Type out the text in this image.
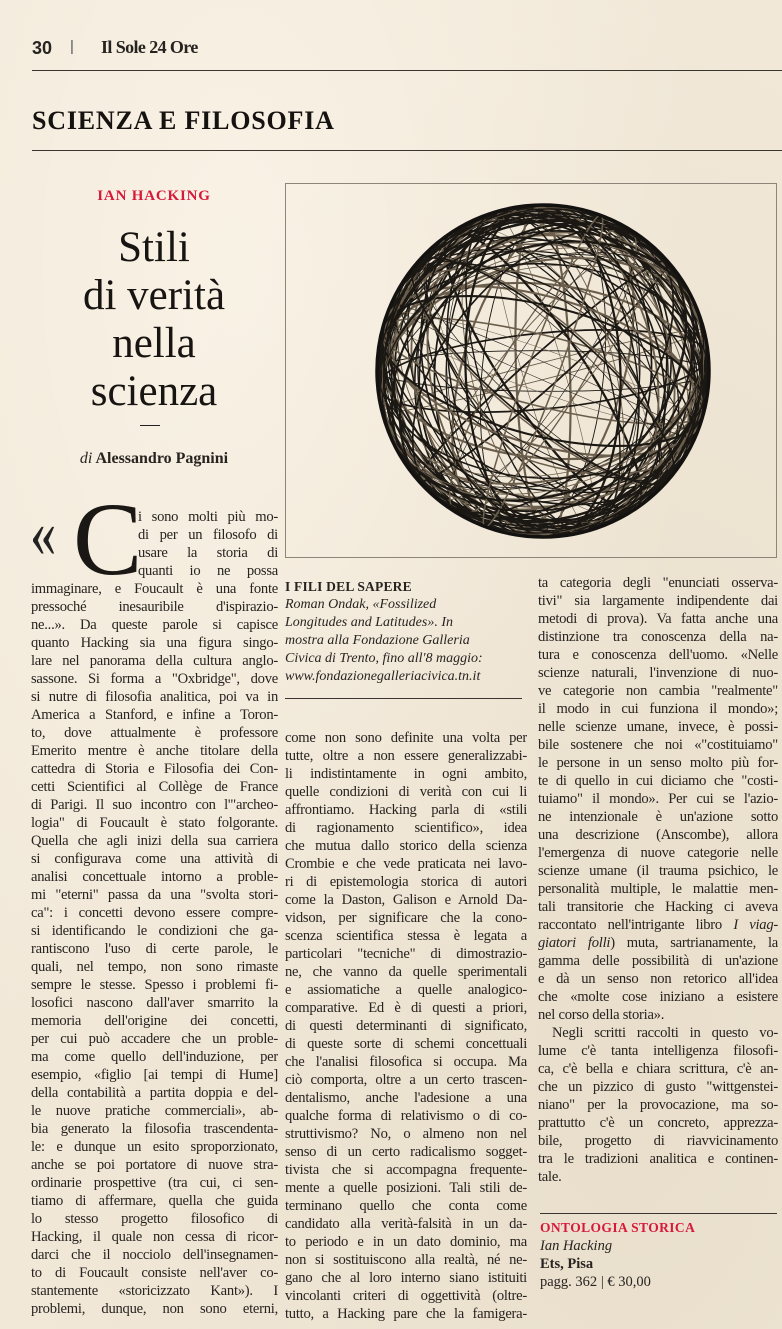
30 | Il Sole 24 Ore
SCIENZA E FILOSOFIA
IAN HACKING
Stili
di verità
nella
scienza
di Alessandro Pagnini
« C
i sono molti più mo-
di per un filosofo di
usare la storia di
quanti io ne possa
immaginare, e Foucault è una fonte
pressoché inesauribile d'ispirazio-
ne...». Da queste parole si capisce
quanto Hacking sia una figura singo-
lare nel panorama della cultura anglo-
sassone. Si forma a "Oxbridge", dove
si nutre di filosofia analitica, poi va in
America a Stanford, e infine a Toron-
to, dove attualmente è professore
Emerito mentre è anche titolare della
cattedra di Storia e Filosofia dei Con-
cetti Scientifici al Collège de France
di Parigi. Il suo incontro con l'"archeo-
logia" di Foucault è stato folgorante.
Quella che agli inizi della sua carriera
si configurava come una attività di
analisi concettuale intorno a proble-
mi "eterni" passa da una "svolta stori-
ca": i concetti devono essere compre-
si identificando le condizioni che ga-
rantiscono l'uso di certe parole, le
quali, nel tempo, non sono rimaste
sempre le stesse. Spesso i problemi fi-
losofici nascono dall'aver smarrito la
memoria dell'origine dei concetti,
per cui può accadere che un proble-
ma come quello dell'induzione, per
esempio, «figlio [ai tempi di Hume]
della contabilità a partita doppia e del-
le nuove pratiche commerciali», ab-
bia generato la filosofia trascendenta-
le: e dunque un esito sproporzionato,
anche se poi portatore di nuove stra-
ordinarie prospettive (tra cui, ci sen-
tiamo di affermare, quella che guida
lo stesso progetto filosofico di
Hacking, il quale non cessa di ricor-
darci che il nocciolo dell'insegnamen-
to di Foucault consiste nell'aver co-
stantemente «storicizzato Kant»). I
problemi, dunque, non sono eterni,
come non sono definite una volta per
tutte, oltre a non essere generalizzabi-
li indistintamente in ogni ambito,
quelle condizioni di verità con cui li
affrontiamo. Hacking parla di «stili
di ragionamento scientifico», idea
che mutua dallo storico della scienza
Crombie e che vede praticata nei lavo-
ri di epistemologia storica di autori
come la Daston, Galison e Arnold Da-
vidson, per significare che la cono-
scenza scientifica stessa è legata a
particolari "tecniche" di dimostrazio-
ne, che vanno da quelle sperimentali
e assiomatiche a quelle analogico-
comparative. Ed è di questi a priori,
di questi determinanti di significato,
di queste sorte di schemi concettuali
che l'analisi filosofica si occupa. Ma
ciò comporta, oltre a un certo trascen-
dentalismo, anche l'adesione a una
qualche forma di relativismo o di co-
struttivismo? No, o almeno non nel
senso di un certo radicalismo sogget-
tivista che si accompagna frequente-
mente a quelle posizioni. Tali stili de-
terminano quello che conta come
candidato alla verità-falsità in un da-
to periodo e in un dato dominio, ma
non si sostituiscono alla realtà, né ne-
gano che al loro interno siano istituiti
vincolanti criteri di oggettività (oltre-
tutto, a Hacking pare che la famigera-
ta categoria degli "enunciati osserva-
tivi" sia largamente indipendente dai
metodi di prova). Va fatta anche una
distinzione tra conoscenza della na-
tura e conoscenza dell'uomo. «Nelle
scienze naturali, l'invenzione di nuo-
ve categorie non cambia "realmente"
il modo in cui funziona il mondo»;
nelle scienze umane, invece, è possi-
bile sostenere che noi «"costituiamo"
le persone in un senso molto più for-
te di quello in cui diciamo che "costi-
tuiamo" il mondo». Per cui se l'azio-
ne intenzionale è un'azione sotto
una descrizione (Anscombe), allora
l'emergenza di nuove categorie nelle
scienze umane (il trauma psichico, le
personalità multiple, le malattie men-
tali transitorie che Hacking ci aveva
raccontato nell'intrigante libro I viag-
giatori folli) muta, sartrianamente, la
gamma delle possibilità di un'azione
e dà un senso non retorico all'idea
che «molte cose iniziano a esistere
nel corso della storia».
Negli scritti raccolti in questo vo-
lume c'è tanta intelligenza filosofi-
ca, c'è bella e chiara scrittura, c'è an-
che un pizzico di gusto "wittgenstei-
niano" per la provocazione, ma so-
prattutto c'è un concreto, apprezza-
bile, progetto di riavvicinamento
tra le tradizioni analitica e continen-
tale.
I FILI DEL SAPERE
Roman Ondak, «Fossilized
Longitudes and Latitudes». In
mostra alla Fondazione Galleria
Civica di Trento, fino all'8 maggio:
www.fondazionegalleriacivica.tn.it
ONTOLOGIA STORICA
Ian Hacking
Ets, Pisa
pagg. 362 | € 30,00
